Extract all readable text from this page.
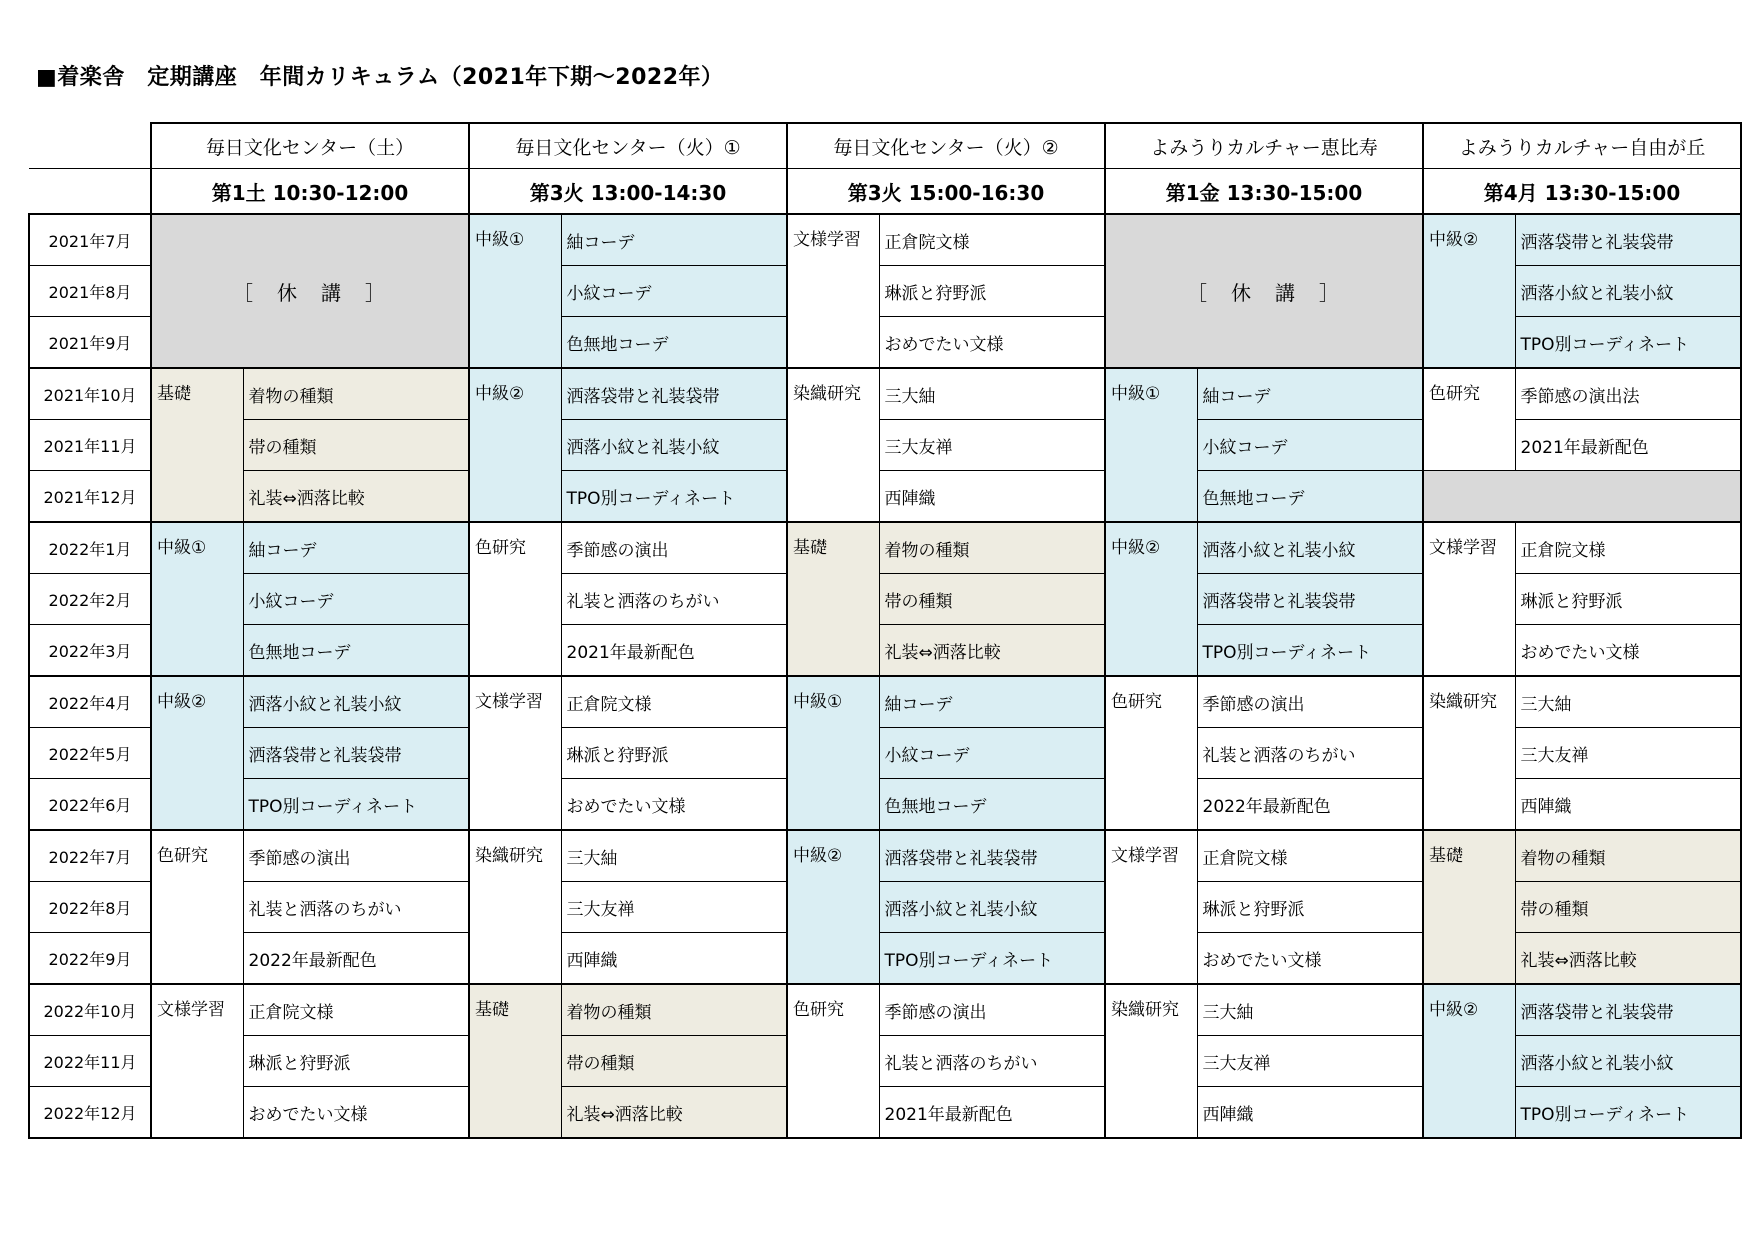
■着楽舎　定期講座　年間カリキュラム（2021年下期～2022年）
	毎日文化センター（土）		毎日文化センター（火）①		毎日文化センター（火）②		よみうりカルチャー恵比寿		よみうりカルチャー自由が丘	
	第1土 10:30-12:00		第3火 13:00-14:30		第3火 15:00-16:30		第1金 13:30-15:00		第4月 13:30-15:00	
2021年7月	［　休　講　］		中級①	紬コーデ	文様学習	正倉院文様	［　休　講　］		中級②	洒落袋帯と礼装袋帯
2021年8月				小紋コーデ		琳派と狩野派				洒落小紋と礼装小紋
2021年9月				色無地コーデ		おめでたい文様				TPO別コーディネート
2021年10月	基礎	着物の種類	中級②	洒落袋帯と礼装袋帯	染織研究	三大紬	中級①	紬コーデ	色研究	季節感の演出法
2021年11月		帯の種類		洒落小紋と礼装小紋		三大友禅		小紋コーデ		2021年最新配色
2021年12月		礼装⇔洒落比較		TPO別コーディネート		西陣織		色無地コーデ		
2022年1月	中級①	紬コーデ	色研究	季節感の演出	基礎	着物の種類	中級②	洒落小紋と礼装小紋	文様学習	正倉院文様
2022年2月		小紋コーデ		礼装と洒落のちがい		帯の種類		洒落袋帯と礼装袋帯		琳派と狩野派
2022年3月		色無地コーデ		2021年最新配色		礼装⇔洒落比較		TPO別コーディネート		おめでたい文様
2022年4月	中級②	洒落小紋と礼装小紋	文様学習	正倉院文様	中級①	紬コーデ	色研究	季節感の演出	染織研究	三大紬
2022年5月		洒落袋帯と礼装袋帯		琳派と狩野派		小紋コーデ		礼装と洒落のちがい		三大友禅
2022年6月		TPO別コーディネート		おめでたい文様		色無地コーデ		2022年最新配色		西陣織
2022年7月	色研究	季節感の演出	染織研究	三大紬	中級②	洒落袋帯と礼装袋帯	文様学習	正倉院文様	基礎	着物の種類
2022年8月		礼装と洒落のちがい		三大友禅		洒落小紋と礼装小紋		琳派と狩野派		帯の種類
2022年9月		2022年最新配色		西陣織		TPO別コーディネート		おめでたい文様		礼装⇔洒落比較
2022年10月	文様学習	正倉院文様	基礎	着物の種類	色研究	季節感の演出	染織研究	三大紬	中級②	洒落袋帯と礼装袋帯
2022年11月		琳派と狩野派		帯の種類		礼装と洒落のちがい		三大友禅		洒落小紋と礼装小紋
2022年12月		おめでたい文様		礼装⇔洒落比較		2021年最新配色		西陣織		TPO別コーディネート
